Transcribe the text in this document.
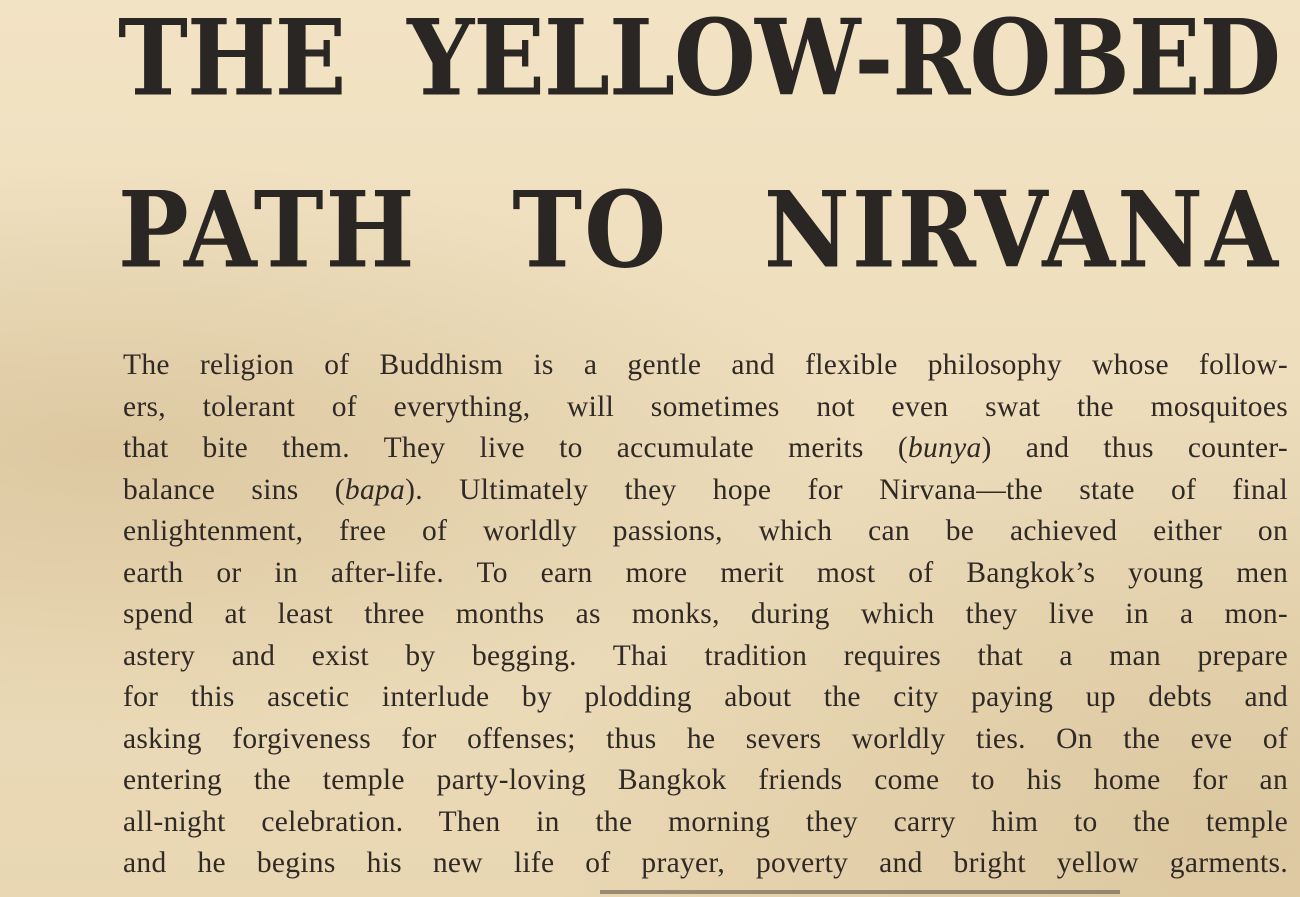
THE YELLOW-ROBED
PATH TO NIRVANA
The religion of Buddhism is a gentle and flexible philosophy whose follow-
ers, tolerant of everything, will sometimes not even swat the mosquitoes
that bite them. They live to accumulate merits (bunya) and thus counter-
balance sins (bapa). Ultimately they hope for Nirvana—the state of final
enlightenment, free of worldly passions, which can be achieved either on
earth or in after-life. To earn more merit most of Bangkok’s young men
spend at least three months as monks, during which they live in a mon-
astery and exist by begging. Thai tradition requires that a man prepare
for this ascetic interlude by plodding about the city paying up debts and
asking forgiveness for offenses; thus he severs worldly ties. On the eve of
entering the temple party-loving Bangkok friends come to his home for an
all-night celebration. Then in the morning they carry him to the temple
and he begins his new life of prayer, poverty and bright yellow garments.
